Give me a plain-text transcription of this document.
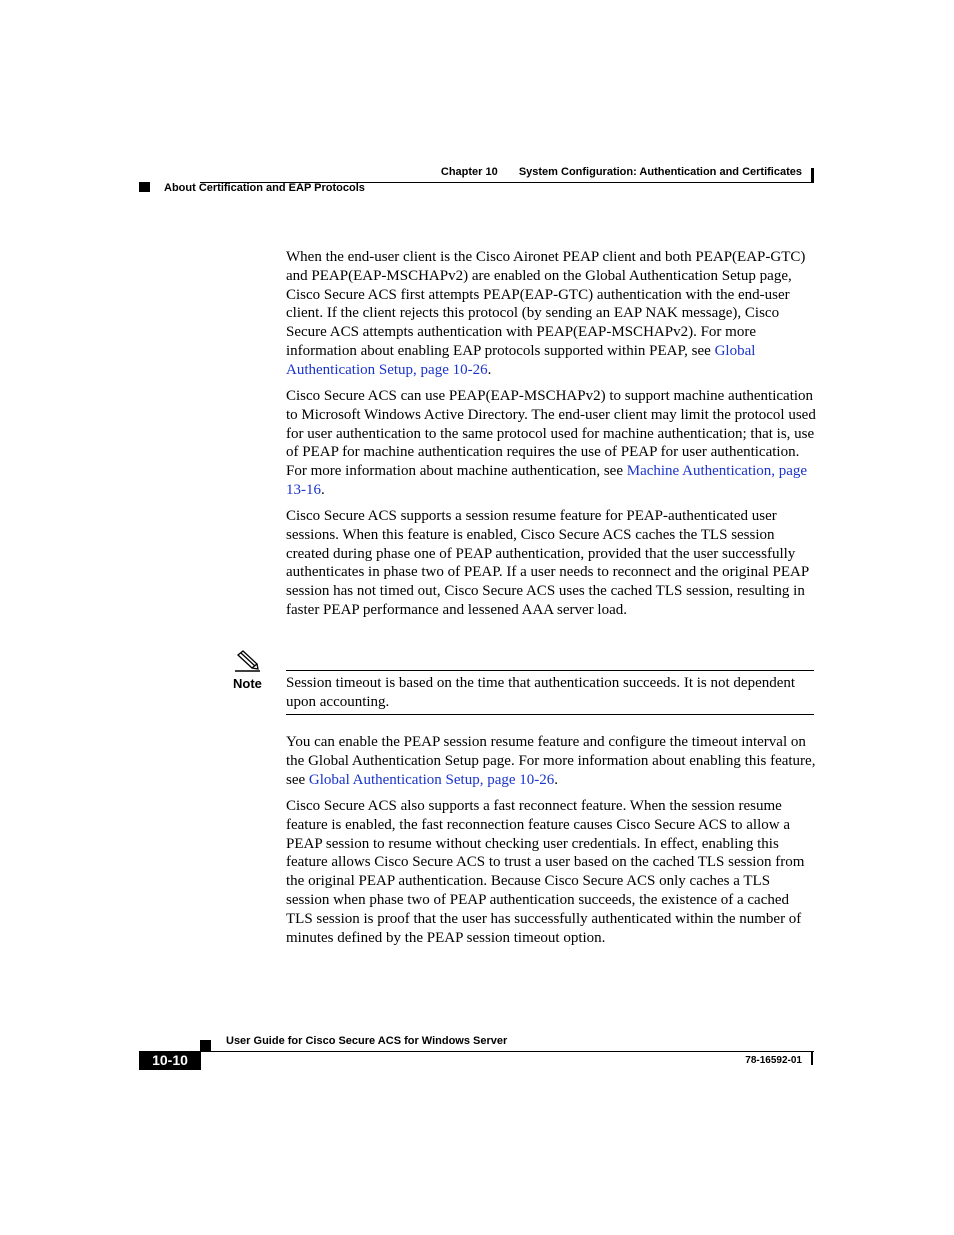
Chapter 10 System Configuration: Authentication and Certificates
About Certification and EAP Protocols

When the end-user client is the Cisco Aironet PEAP client and both PEAP(EAP-GTC) and PEAP(EAP-MSCHAPv2) are enabled on the Global Authentication Setup page, Cisco Secure ACS first attempts PEAP(EAP-GTC) authentication with the end-user client. If the client rejects this protocol (by sending an EAP NAK message), Cisco Secure ACS attempts authentication with PEAP(EAP-MSCHAPv2). For more information about enabling EAP protocols supported within PEAP, see Global Authentication Setup, page 10-26.

Cisco Secure ACS can use PEAP(EAP-MSCHAPv2) to support machine authentication to Microsoft Windows Active Directory. The end-user client may limit the protocol used for user authentication to the same protocol used for machine authentication; that is, use of PEAP for machine authentication requires the use of PEAP for user authentication. For more information about machine authentication, see Machine Authentication, page 13-16.

Cisco Secure ACS supports a session resume feature for PEAP-authenticated user sessions. When this feature is enabled, Cisco Secure ACS caches the TLS session created during phase one of PEAP authentication, provided that the user successfully authenticates in phase two of PEAP. If a user needs to reconnect and the original PEAP session has not timed out, Cisco Secure ACS uses the cached TLS session, resulting in faster PEAP performance and lessened AAA server load.

Note Session timeout is based on the time that authentication succeeds. It is not dependent upon accounting.

You can enable the PEAP session resume feature and configure the timeout interval on the Global Authentication Setup page. For more information about enabling this feature, see Global Authentication Setup, page 10-26.

Cisco Secure ACS also supports a fast reconnect feature. When the session resume feature is enabled, the fast reconnection feature causes Cisco Secure ACS to allow a PEAP session to resume without checking user credentials. In effect, enabling this feature allows Cisco Secure ACS to trust a user based on the cached TLS session from the original PEAP authentication. Because Cisco Secure ACS only caches a TLS session when phase two of PEAP authentication succeeds, the existence of a cached TLS session is proof that the user has successfully authenticated within the number of minutes defined by the PEAP session timeout option.

User Guide for Cisco Secure ACS for Windows Server
10-10	78-16592-01
